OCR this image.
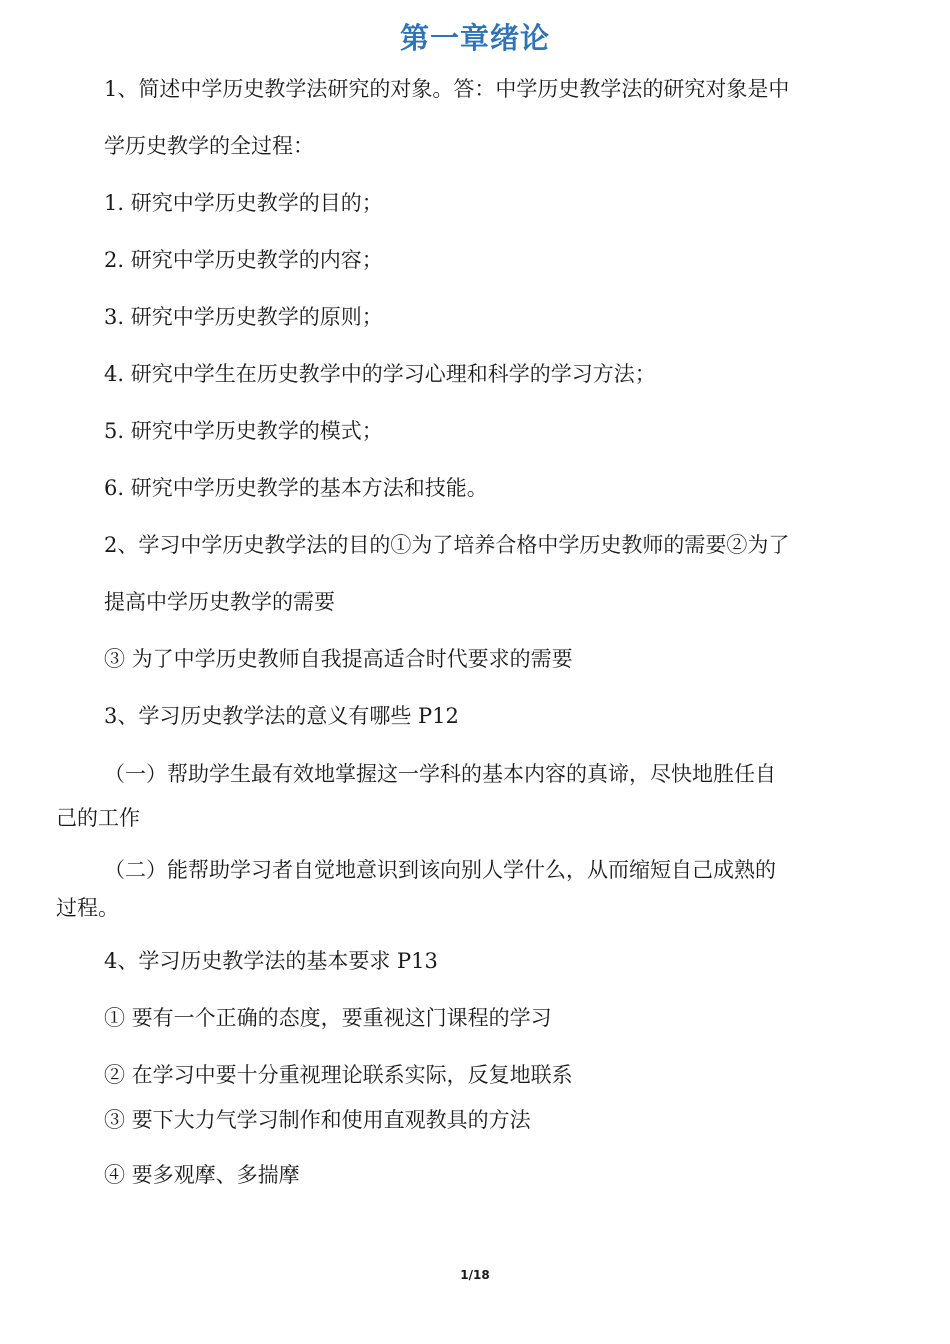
第一章绪论
1、简述中学历史教学法研究的对象。答：中学历史教学法的研究对象是中
学历史教学的全过程：
1. 研究中学历史教学的目的；
2. 研究中学历史教学的内容；
3. 研究中学历史教学的原则；
4. 研究中学生在历史教学中的学习心理和科学的学习方法；
5. 研究中学历史教学的模式；
6. 研究中学历史教学的基本方法和技能。
2、学习中学历史教学法的目的①为了培养合格中学历史教师的需要②为了
提高中学历史教学的需要
③ 为了中学历史教师自我提高适合时代要求的需要
3、学习历史教学法的意义有哪些 P12
（一）帮助学生最有效地掌握这一学科的基本内容的真谛，尽快地胜任自
己的工作
（二）能帮助学习者自觉地意识到该向别人学什么，从而缩短自己成熟的
过程。
4、学习历史教学法的基本要求 P13
① 要有一个正确的态度，要重视这门课程的学习
② 在学习中要十分重视理论联系实际，反复地联系
③ 要下大力气学习制作和使用直观教具的方法
④ 要多观摩、多揣摩
1/18
